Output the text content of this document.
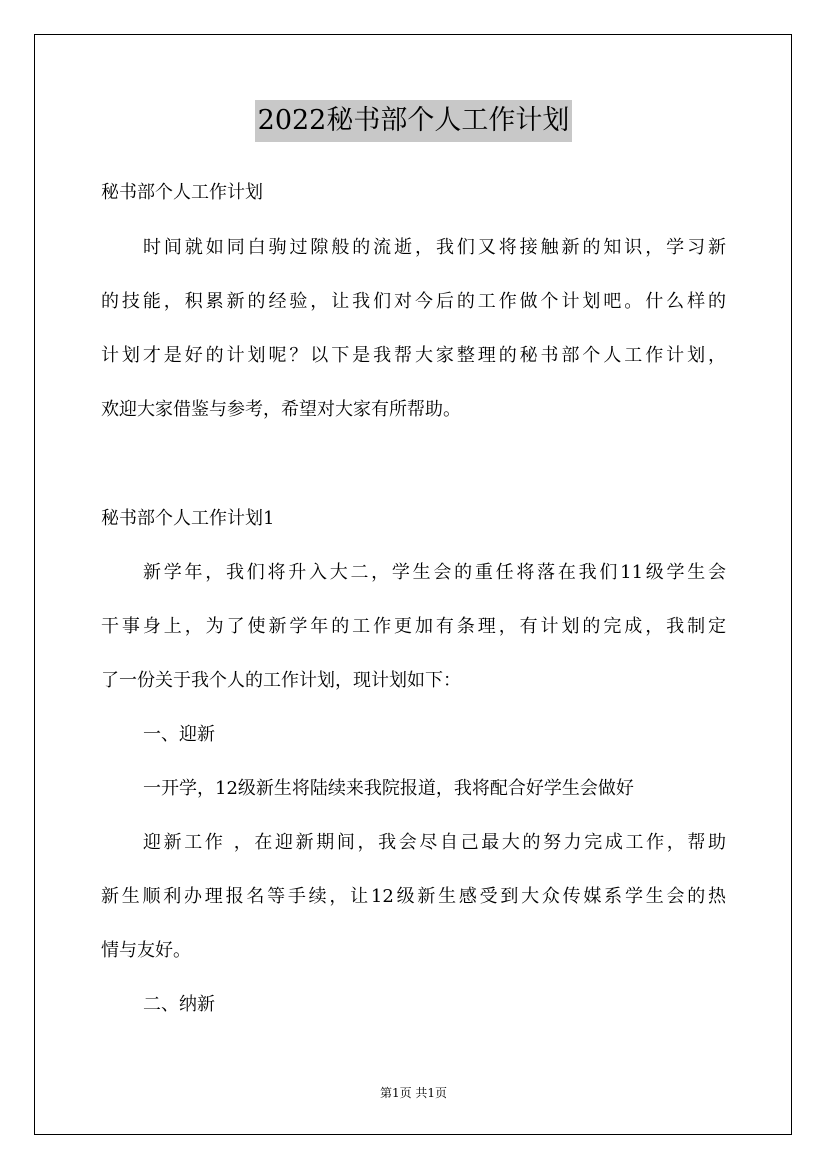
2022秘书部个人工作计划
秘书部个人工作计划
时间就如同白驹过隙般的流逝，我们又将接触新的知识，学习新
的技能，积累新的经验，让我们对今后的工作做个计划吧。什么样的
计划才是好的计划呢？以下是我帮大家整理的秘书部个人工作计划，
欢迎大家借鉴与参考，希望对大家有所帮助。
秘书部个人工作计划1
新学年，我们将升入大二，学生会的重任将落在我们11级学生会
干事身上，为了使新学年的工作更加有条理，有计划的完成，我制定
了一份关于我个人的工作计划，现计划如下：
一、迎新
一开学，12级新生将陆续来我院报道，我将配合好学生会做好
迎新工作 ，在迎新期间，我会尽自己最大的努力完成工作，帮助
新生顺利办理报名等手续，让12级新生感受到大众传媒系学生会的热
情与友好。
二、纳新
第1页 共1页
